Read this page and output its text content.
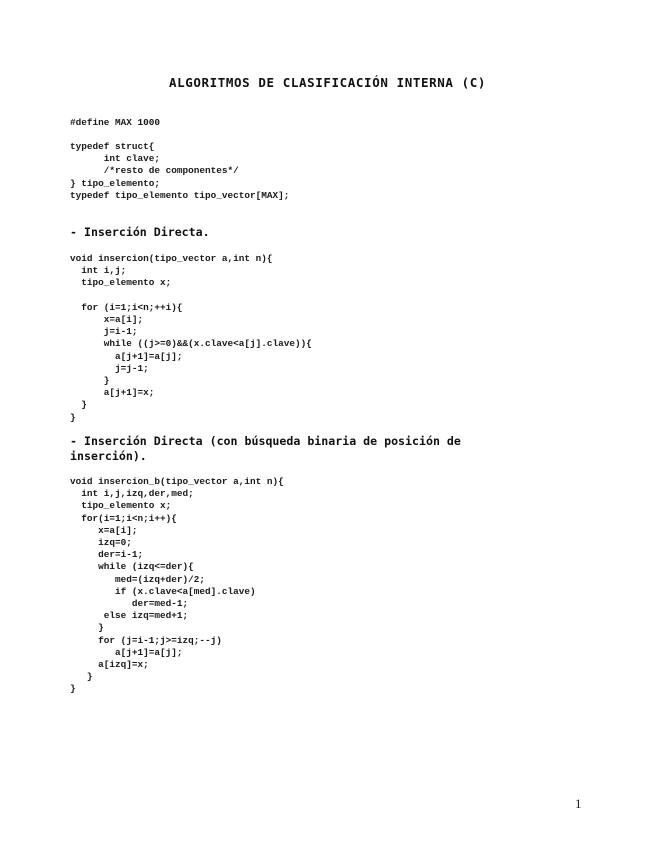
ALGORITMOS DE CLASIFICACIÓN INTERNA (C)
#define MAX 1000
typedef struct{
int clave;
/*resto de componentes*/
} tipo_elemento;
typedef tipo_elemento tipo_vector[MAX];
- Inserción Directa.
void insercion(tipo_vector a,int n){
int i,j;
tipo_elemento x;

for (i=1;i<n;++i){
x=a[i];
j=i-1;
while ((j>=0)&&(x.clave<a[j].clave)){
a[j+1]=a[j];
j=j-1;
}
a[j+1]=x;
}
}
- Inserción Directa (con búsqueda binaria de posición de
inserción).
void insercion_b(tipo_vector a,int n){
int i,j,izq,der,med;
tipo_elemento x;
for(i=1;i<n;i++){
x=a[i];
izq=0;
der=i-1;
while (izq<=der){
med=(izq+der)/2;
if (x.clave<a[med].clave)
der=med-1;
else izq=med+1;
}
for (j=i-1;j>=izq;--j)
a[j+1]=a[j];
a[izq]=x;
}
}

1
